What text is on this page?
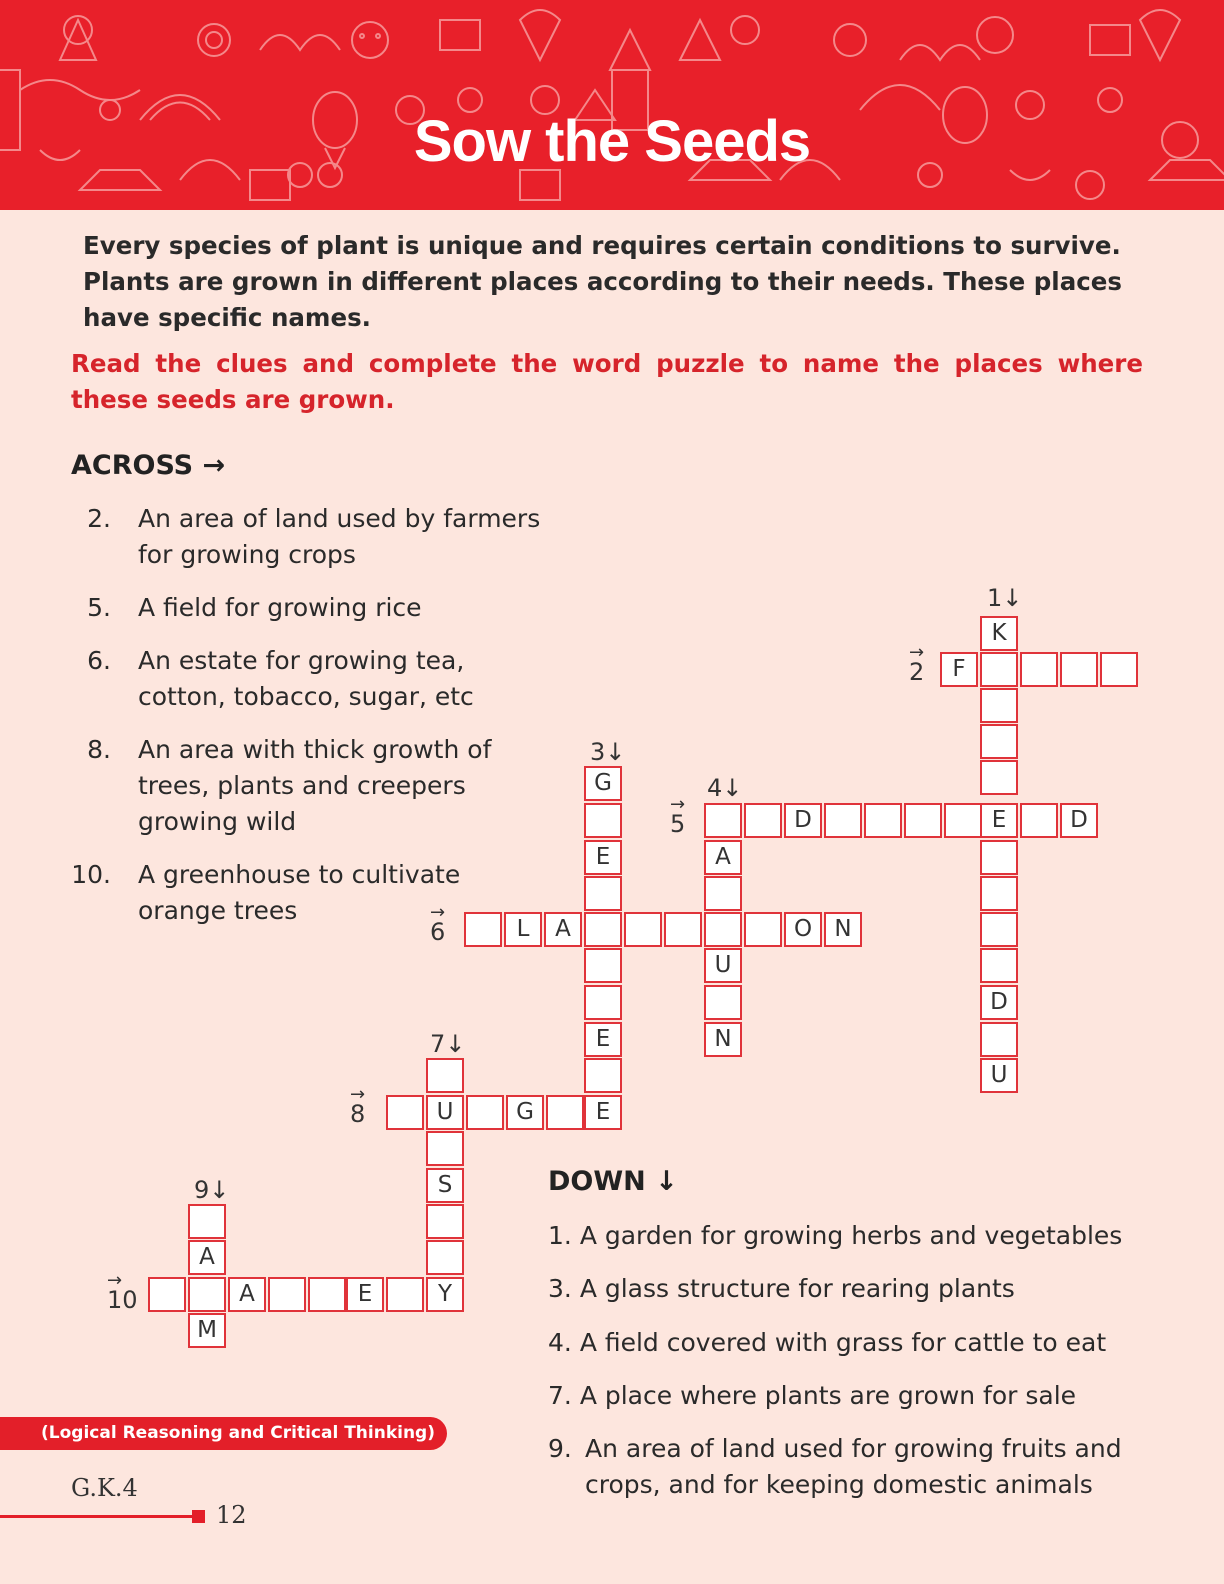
Sow the Seeds
Every species of plant is unique and requires certain conditions to survive. Plants are grown in different places according to their needs. These places have specific names.
Read the clues and complete the word puzzle to name the places where these seeds are grown.
ACROSS →
2. An area of land used by farmers for growing crops
5. A field for growing rice
6. An estate for growing tea, cotton, tobacco, sugar, etc
8. An area with thick growth of trees, plants and creepers growing wild
10. A greenhouse to cultivate orange trees
K
F
G
D	E	D
E	A
L	A	O N
U
D
U
E	N
U	G	E
S
A
A	E	Y
M
1↓
→
2
3↓
4↓
→
5
→
6
7↓
→
8
9↓
→
10
DOWN ↓
1. A garden for growing herbs and vegetables
3. A glass structure for rearing plants
4. A field covered with grass for cattle to eat
7. A place where plants are grown for sale
9. An area of land used for growing fruits and crops, and for keeping domestic animals
(Logical Reasoning and Critical Thinking)
G.K.4
12
